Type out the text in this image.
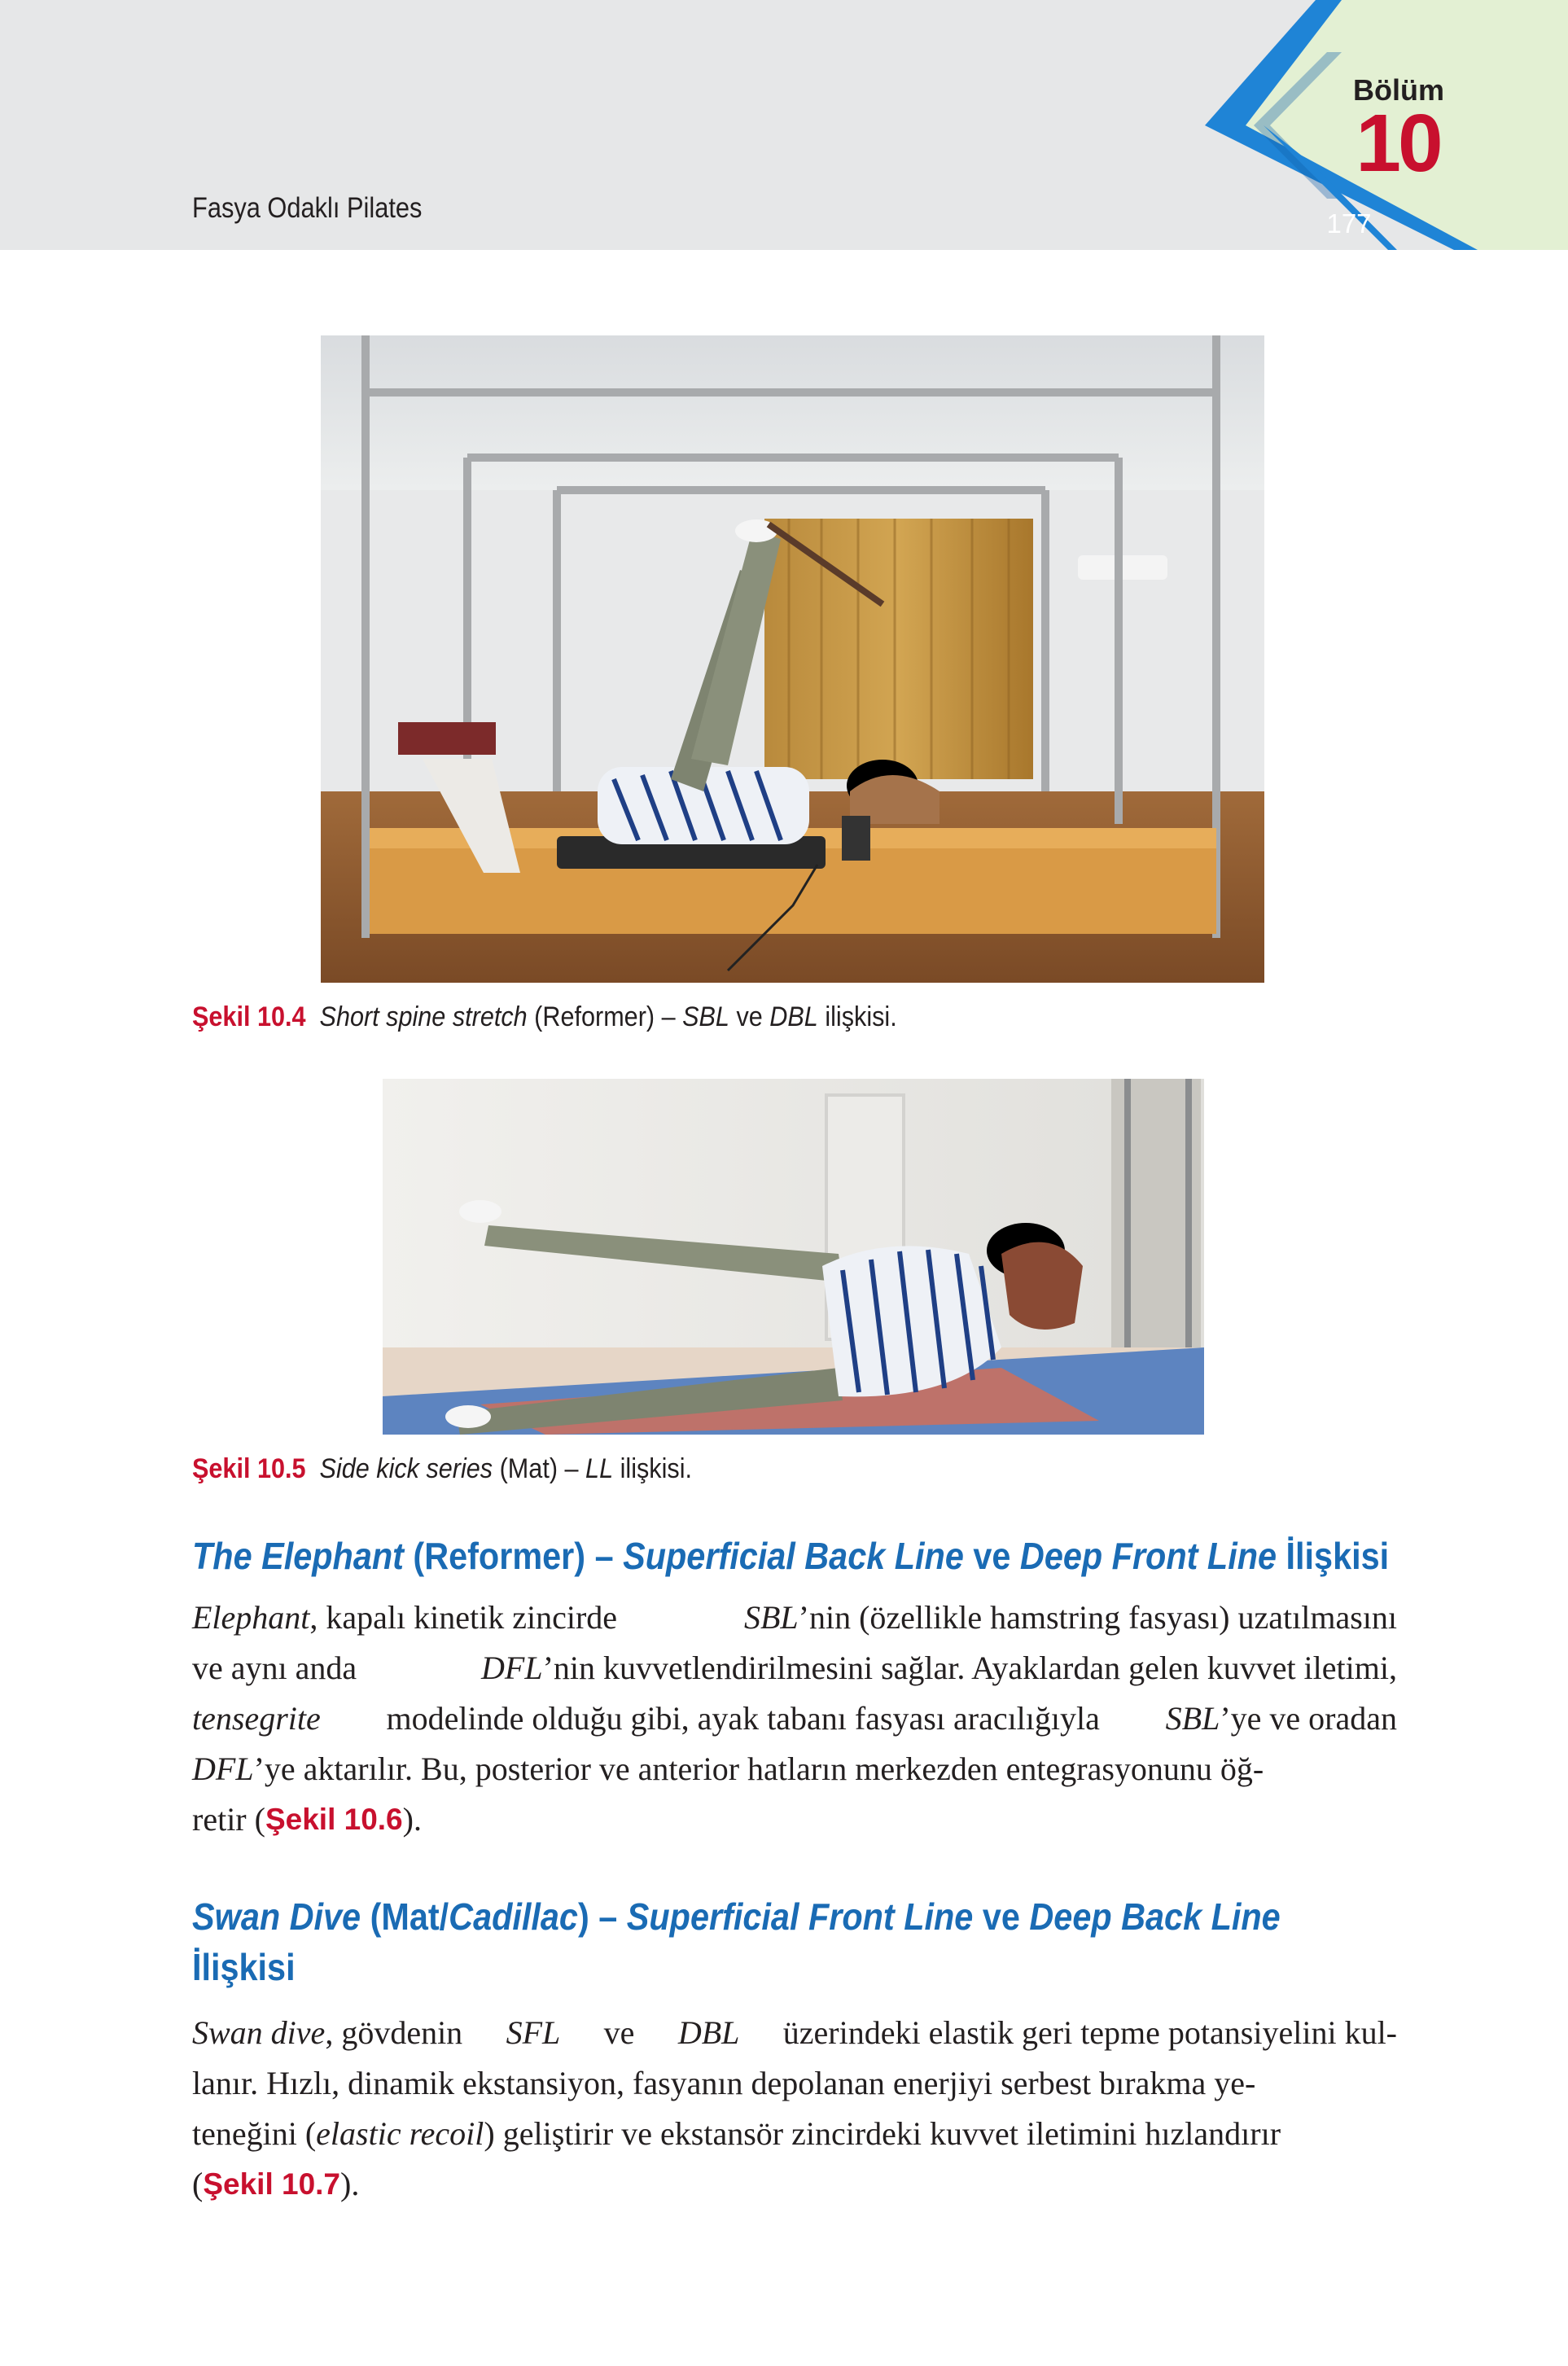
Fasya Odaklı Pilates
Bölüm
10
177
Şekil 10.4 Short spine stretch (Reformer) – SBL ve DBL ilişkisi.
Şekil 10.5 Side kick series (Mat) – LL ilişkisi.
The Elephant (Reformer) – Superficial Back Line ve Deep Front Line İlişkisi
Elephant, kapalı kinetik zincirde	SBL’nin (özellikle hamstring fasyası) uzatılmasını
ve aynı anda	DFL’nin kuvvetlendirilmesini sağlar. Ayaklardan gelen kuvvet iletimi,
tensegrite modelinde olduğu gibi, ayak tabanı fasyası aracılığıyla SBL’ye ve oradan
DFL’ye aktarılır. Bu, posterior ve anterior hatların merkezden entegrasyonunu öğ-
retir ( Şekil 10.6 ).
Swan Dive (Mat/Cadillac) – Superficial Front Line ve Deep Back Line
İlişkisi
Swan dive, gövdenin SFL ve DBL üzerindeki elastik geri tepme potansiyelini kul-
lanır. Hızlı, dinamik ekstansiyon, fasyanın depolanan enerjiyi serbest bırakma ye-
teneğini (elastic recoil) geliştirir ve ekstansör zincirdeki kuvvet iletimini hızlandırır
( Şekil 10.7 ).
